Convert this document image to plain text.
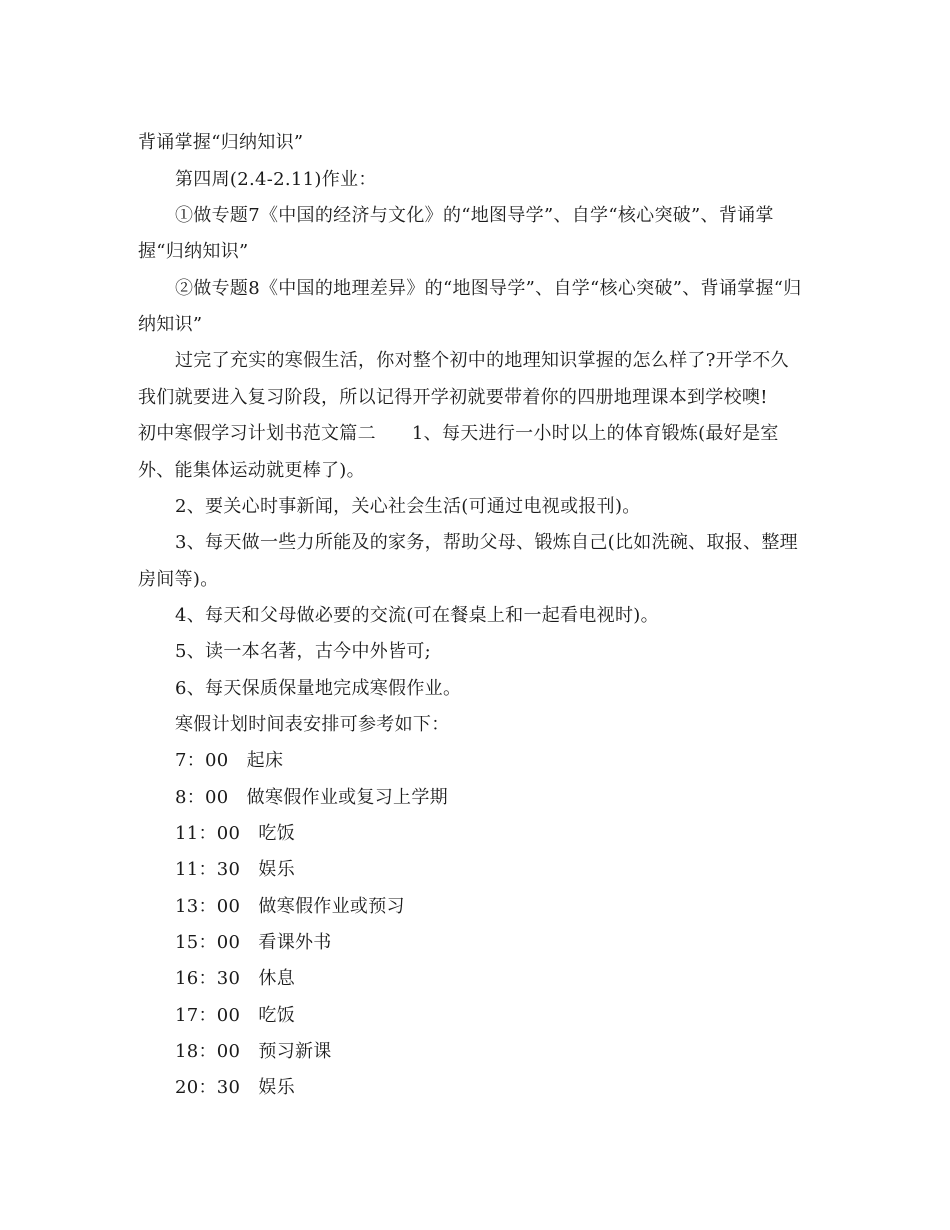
背诵掌握“归纳知识”
第四周(2.4-2.11)作业：
①做专题7《中国的经济与文化》的“地图导学”、自学“核心突破”、背诵掌
握“归纳知识”
②做专题8《中国的地理差异》的“地图导学”、自学“核心突破”、背诵掌握“归
纳知识”
过完了充实的寒假生活，你对整个初中的地理知识掌握的怎么样了?开学不久
我们就要进入复习阶段，所以记得开学初就要带着你的四册地理课本到学校噢!
初中寒假学习计划书范文篇二 1、每天进行一小时以上的体育锻炼(最好是室
外、能集体运动就更棒了)。
2、要关心时事新闻，关心社会生活(可通过电视或报刊)。
3、每天做一些力所能及的家务，帮助父母、锻炼自己(比如洗碗、取报、整理
房间等)。
4、每天和父母做必要的交流(可在餐桌上和一起看电视时)。
5、读一本名著，古今中外皆可;
6、每天保质保量地完成寒假作业。
寒假计划时间表安排可参考如下：
7：00 起床
8：00 做寒假作业或复习上学期
11：00 吃饭
11：30 娱乐
13：00 做寒假作业或预习
15：00 看课外书
16：30 休息
17：00 吃饭
18：00 预习新课
20：30 娱乐
